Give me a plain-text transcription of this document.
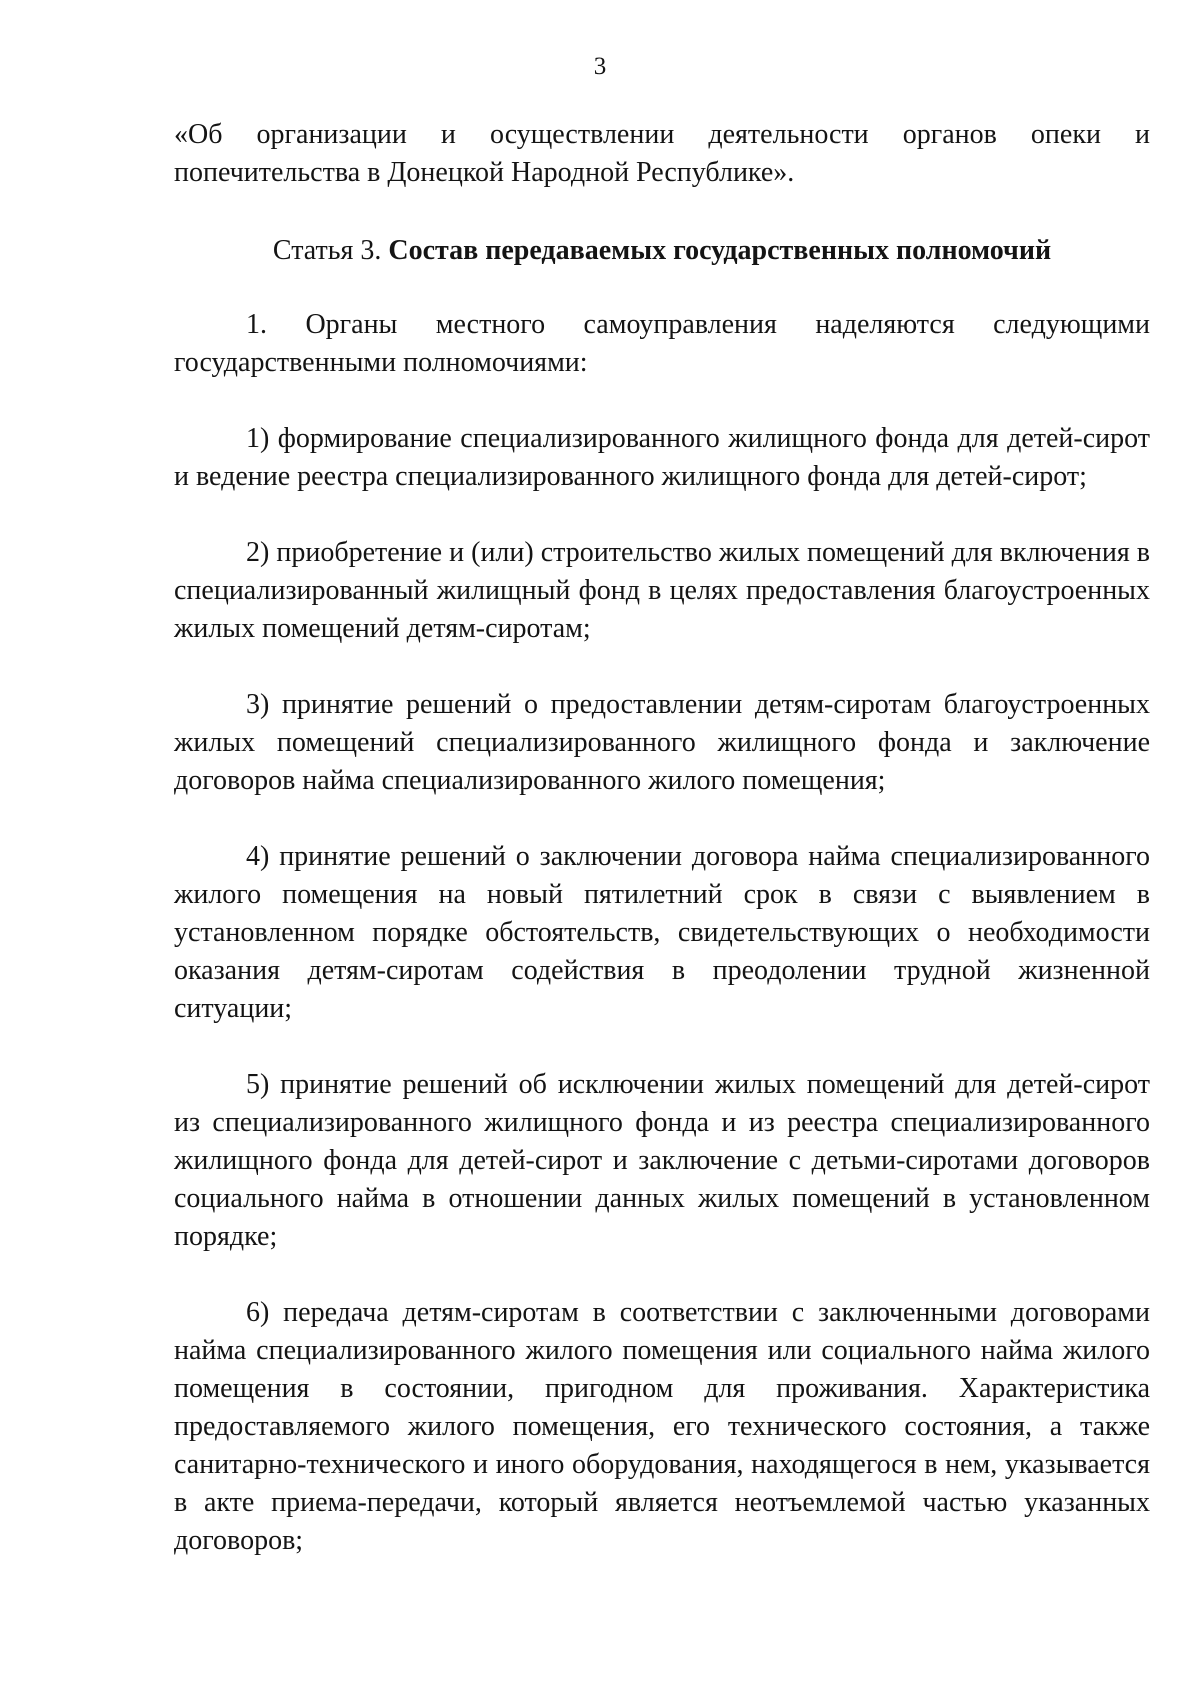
3

«Об организации и осуществлении деятельности органов опеки и попечительства в Донецкой Народной Республике».

Статья 3. Состав передаваемых государственных полномочий

1. Органы местного самоуправления наделяются следующими государственными полномочиями:

1) формирование специализированного жилищного фонда для детей-сирот и ведение реестра специализированного жилищного фонда для детей-сирот;

2) приобретение и (или) строительство жилых помещений для включения в специализированный жилищный фонд в целях предоставления благоустроенных жилых помещений детям-сиротам;

3) принятие решений о предоставлении детям-сиротам благоустроенных жилых помещений специализированного жилищного фонда и заключение договоров найма специализированного жилого помещения;

4) принятие решений о заключении договора найма специализированного жилого помещения на новый пятилетний срок в связи с выявлением в установленном порядке обстоятельств, свидетельствующих о необходимости оказания детям-сиротам содействия в преодолении трудной жизненной ситуации;

5) принятие решений об исключении жилых помещений для детей-сирот из специализированного жилищного фонда и из реестра специализированного жилищного фонда для детей-сирот и заключение с детьми-сиротами договоров социального найма в отношении данных жилых помещений в установленном порядке;

6) передача детям-сиротам в соответствии с заключенными договорами найма специализированного жилого помещения или социального найма жилого помещения в состоянии, пригодном для проживания. Характеристика предоставляемого жилого помещения, его технического состояния, а также санитарно-технического и иного оборудования, находящегося в нем, указывается в акте приема-передачи, который является неотъемлемой частью указанных договоров;
